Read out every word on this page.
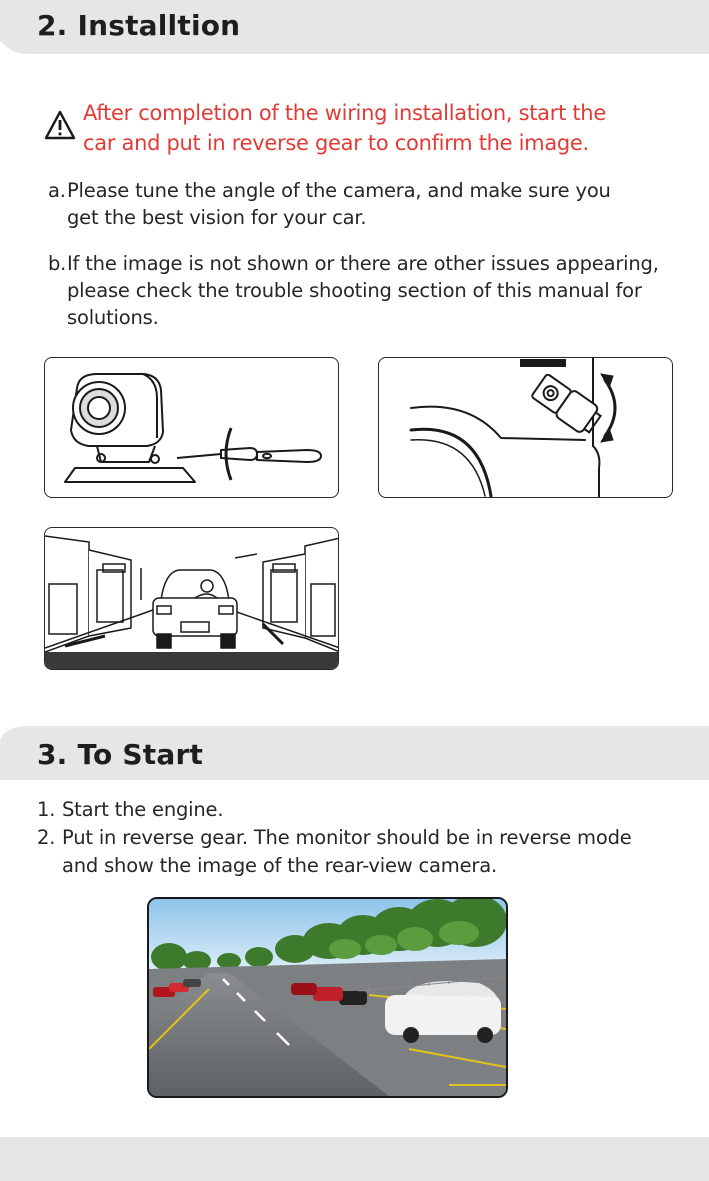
2. Installtion
After completion of the wiring installation, start the
car and put in reverse gear to confirm the image.
a. Please tune the angle of the camera, and make sure you
get the best vision for your car.
b. If the image is not shown or there are other issues appearing,
please check the trouble shooting section of this manual for
solutions.
3. To Start
1. Start the engine.
2. Put in reverse gear. The monitor should be in reverse mode
and show the image of the rear-view camera.
